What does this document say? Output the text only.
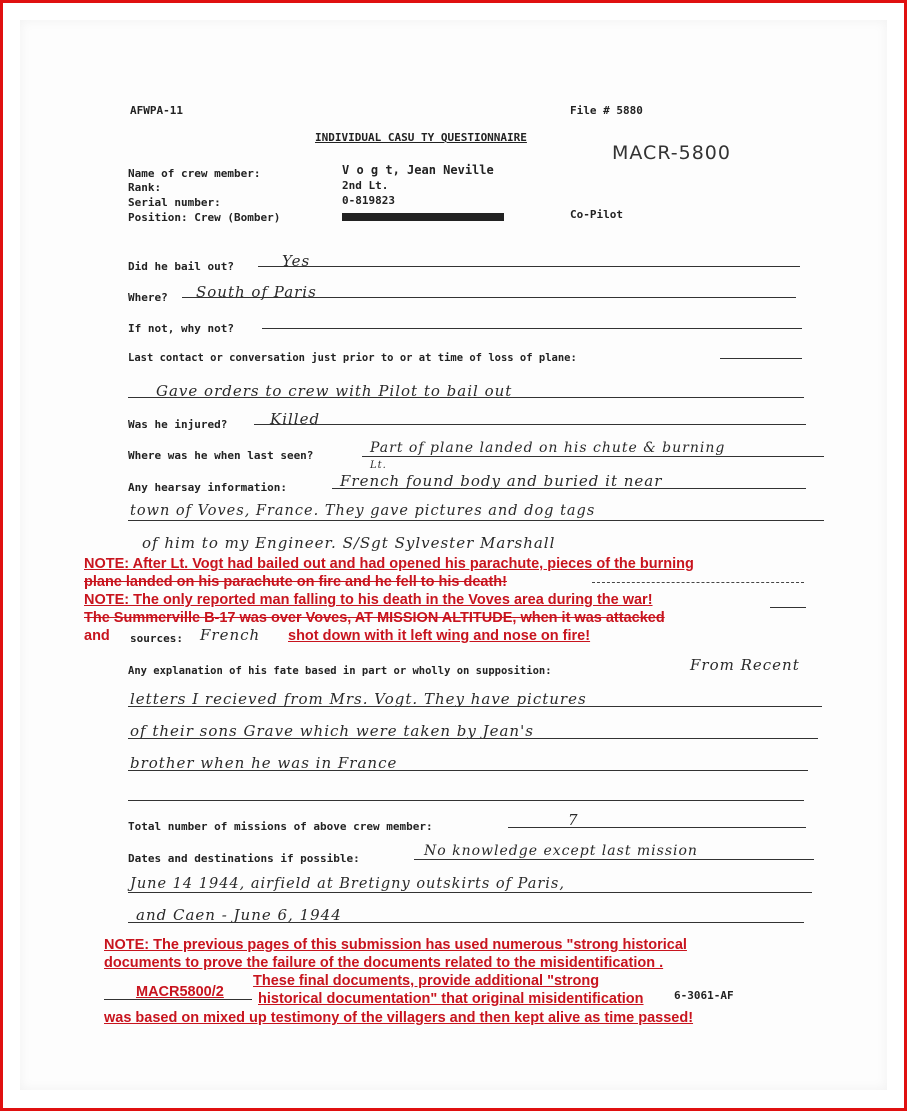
AFWPA-11	File # 5880
INDIVIDUAL CASU TY QUESTIONNAIRE
MACR-5800
Name of crew member:	V o g t, Jean Neville
Rank:	2nd Lt.
Serial number:	0-819823
Position: Crew (Bomber)	Co-Pilot
Did he bail out?	Yes
Where? South of Paris
If not, why not?
Last contact or conversation just prior to or at time of loss of plane:
Gave orders to crew with Pilot to bail out
Was he injured?	Killed
Where was he when last seen?	Part of plane landed on his chute & burning
Lt.
Any hearsay information:	French found body and buried it near
town of Voves, France. They gave pictures and dog tags
of him to my Engineer. S/Sgt Sylvester Marshall
NOTE: After Lt. Vogt had bailed out and had opened his parachute, pieces of the burning
plane landed on his parachute on fire and he fell to his death!
NOTE: The only reported man falling to his death in the Voves area during the war!
The Summerville B-17 was over Voves, AT MISSION ALTITUDE, when it was attacked
and sources: French shot down with it left wing and nose on fire!
Any explanation of his fate based in part or wholly on supposition:	From Recent
letters I recieved from Mrs. Vogt. They have pictures
of their sons Grave which were taken by Jean's
brother when he was in France
Total number of missions of above crew member:	7
Dates and destinations if possible:	No knowledge except last mission
June 14 1944, airfield at Bretigny outskirts of Paris,
and Caen - June 6, 1944
NOTE: The previous pages of this submission has used numerous "strong historical
documents to prove the failure of the documents related to the misidentification .
These final documents, provide additional "strong
MACR5800/2 historical documentation" that original misidentification	6-3061-AF
was based on mixed up testimony of the villagers and then kept alive as time passed!
